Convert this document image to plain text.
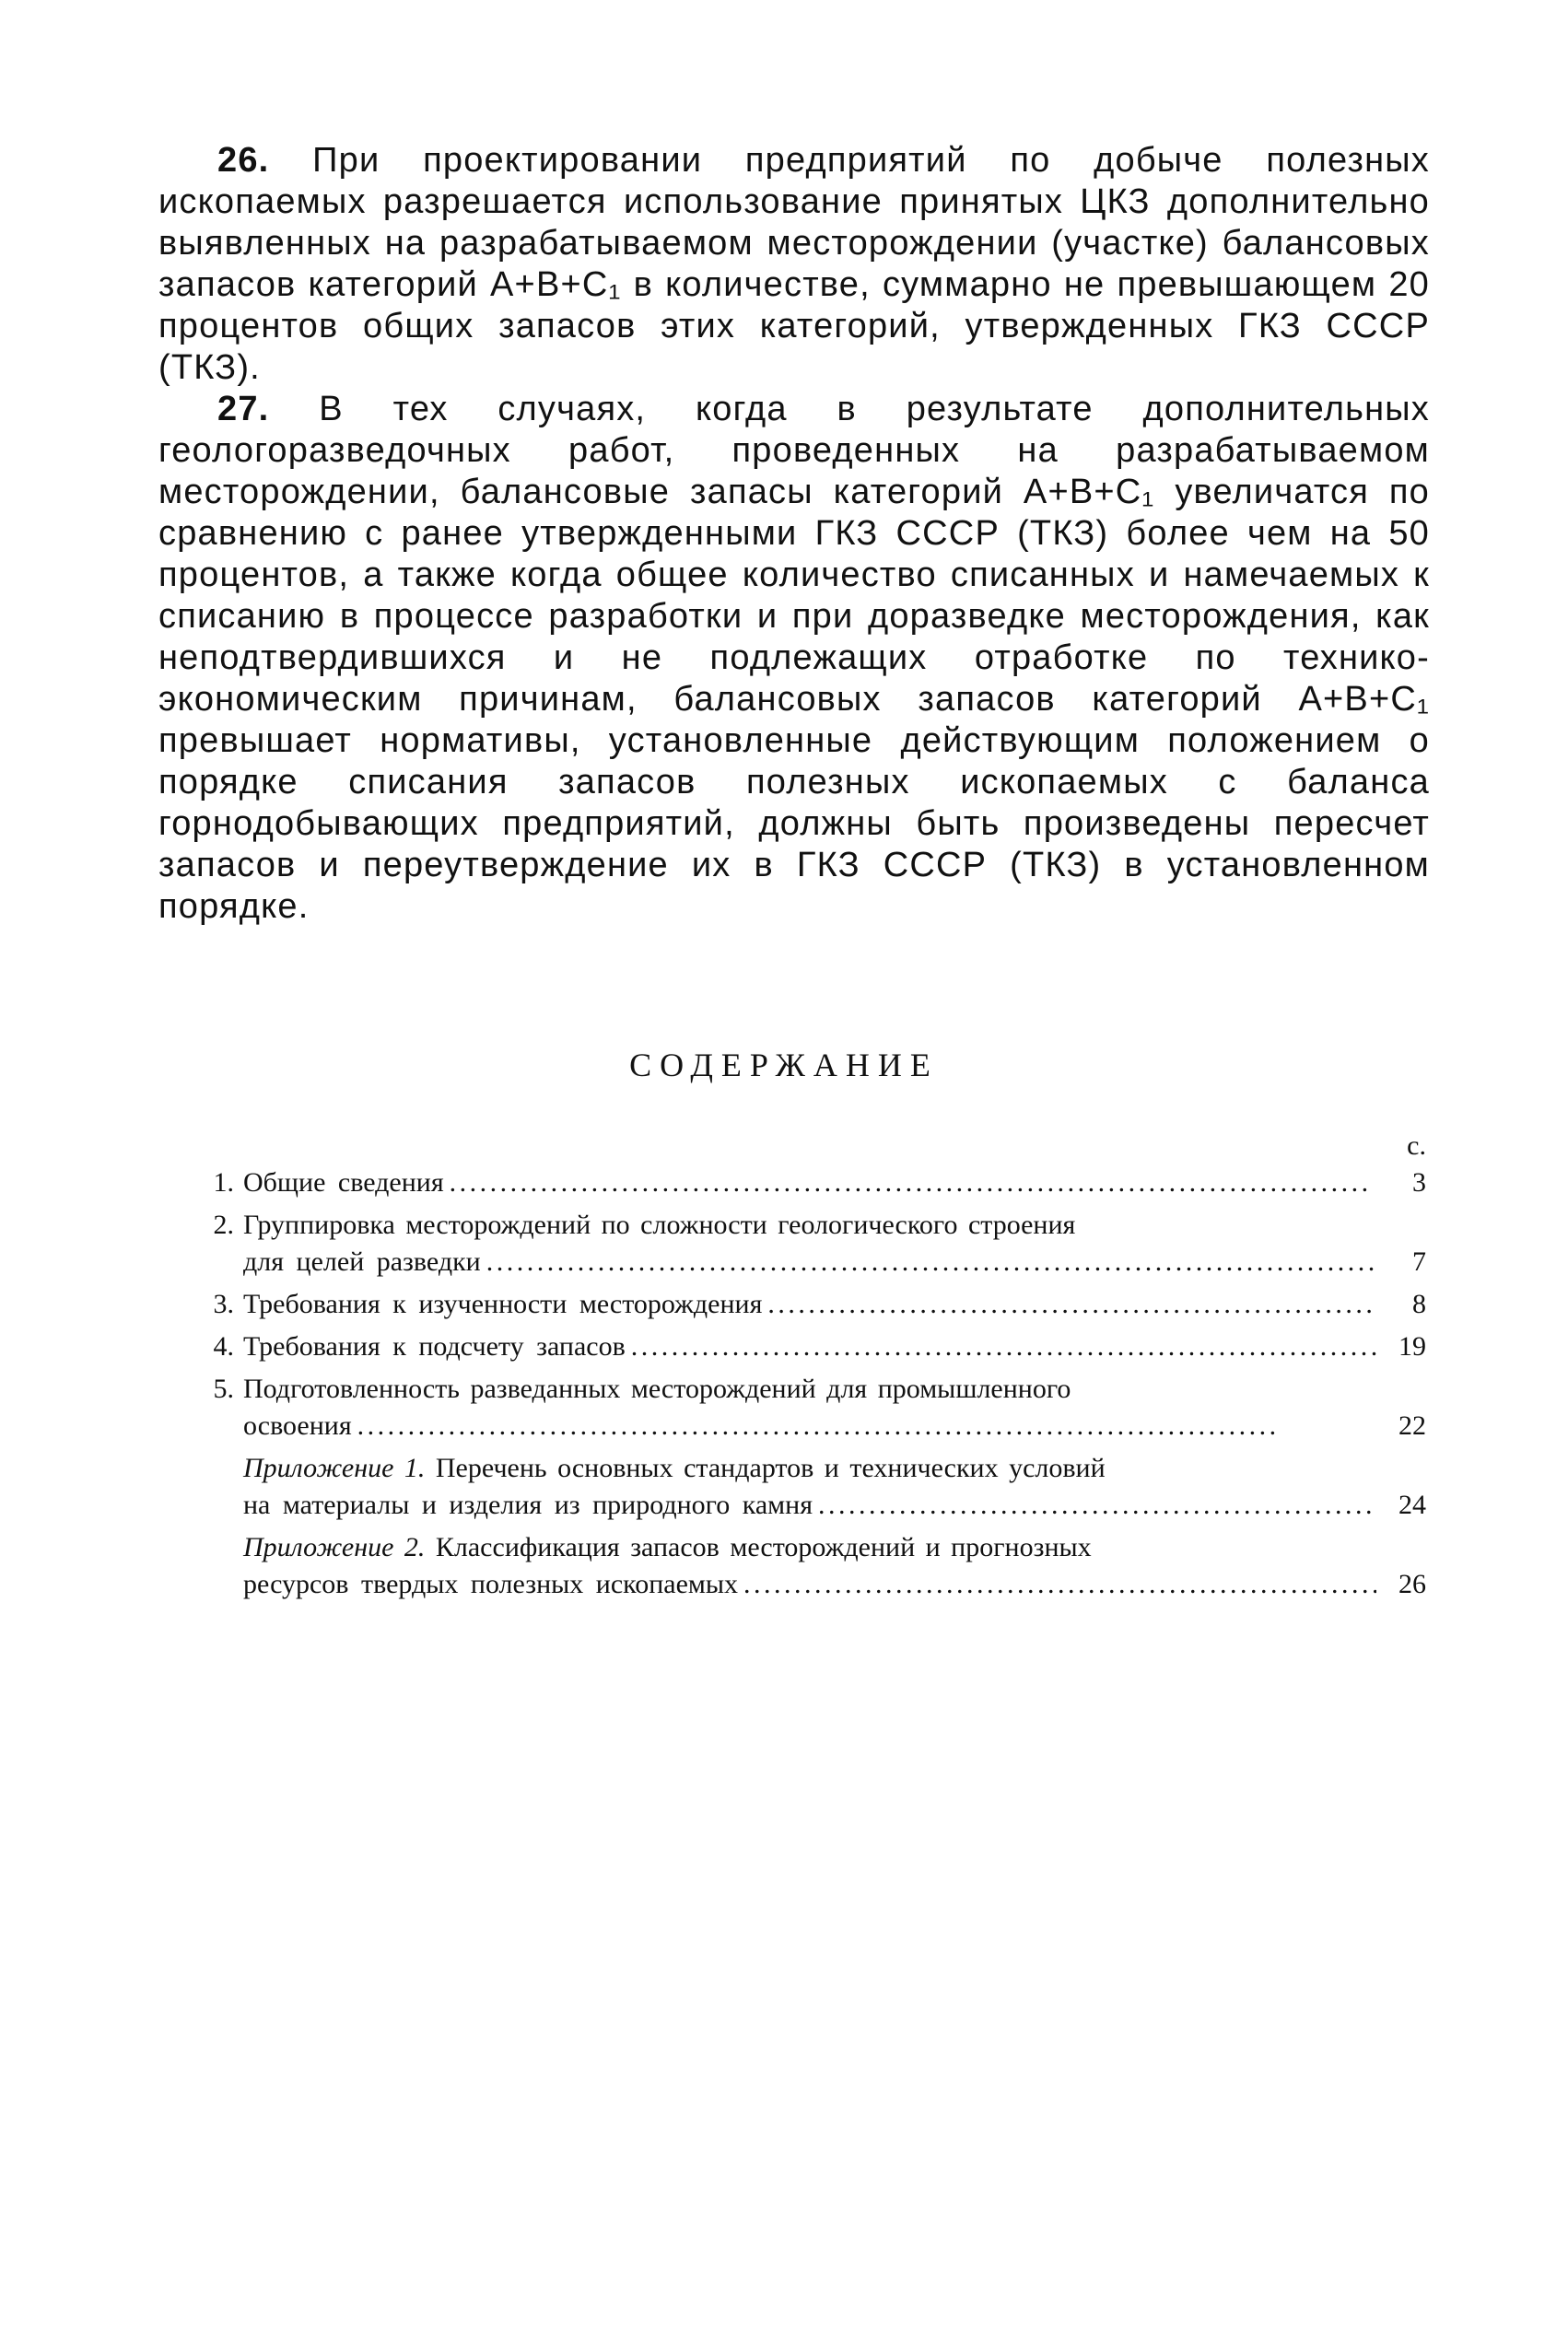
26. При проектировании предприятий по добыче полезных ископаемых разрешается использование принятых ЦКЗ дополнительно выявленных на разрабатываемом месторождении (участке) балансовых запасов категорий A+B+C₁ в количестве, суммарно не превышающем 20 процентов общих запасов этих категорий, утвержденных ГКЗ СССР (ТКЗ).

27. В тех случаях, когда в результате дополнительных геологоразведочных работ, проведенных на разрабатываемом месторождении, балансовые запасы категорий A+B+C₁ увеличатся по сравнению с ранее утвержденными ГКЗ СССР (ТКЗ) более чем на 50 процентов, а также когда общее количество списанных и намечаемых к списанию в процессе разработки и при доразведке месторождения, как неподтвердившихся и не подлежащих отработке по технико-экономическим причинам, балансовых запасов категорий A+B+C₁ превышает нормативы, установленные действующим положением о порядке списания запасов полезных ископаемых с баланса горнодобывающих предприятий, должны быть произведены пересчет запасов и переутверждение их в ГКЗ СССР (ТКЗ) в установленном порядке.

СОДЕРЖАНИЕ
с.
1. Общие сведения . . .	3
2. Группировка месторождений по сложности геологического строения
для целей разведки . . .	7
3. Требования к изученности месторождения . . .	8
4. Требования к подсчету запасов . . .	19
5. Подготовленность разведанных месторождений для промышленного
освоения . . .	22
Приложение 1. Перечень основных стандартов и технических условий
на материалы и изделия из природного камня . . .	24
Приложение 2. Классификация запасов месторождений и прогнозных
ресурсов твердых полезных ископаемых . . .	26
